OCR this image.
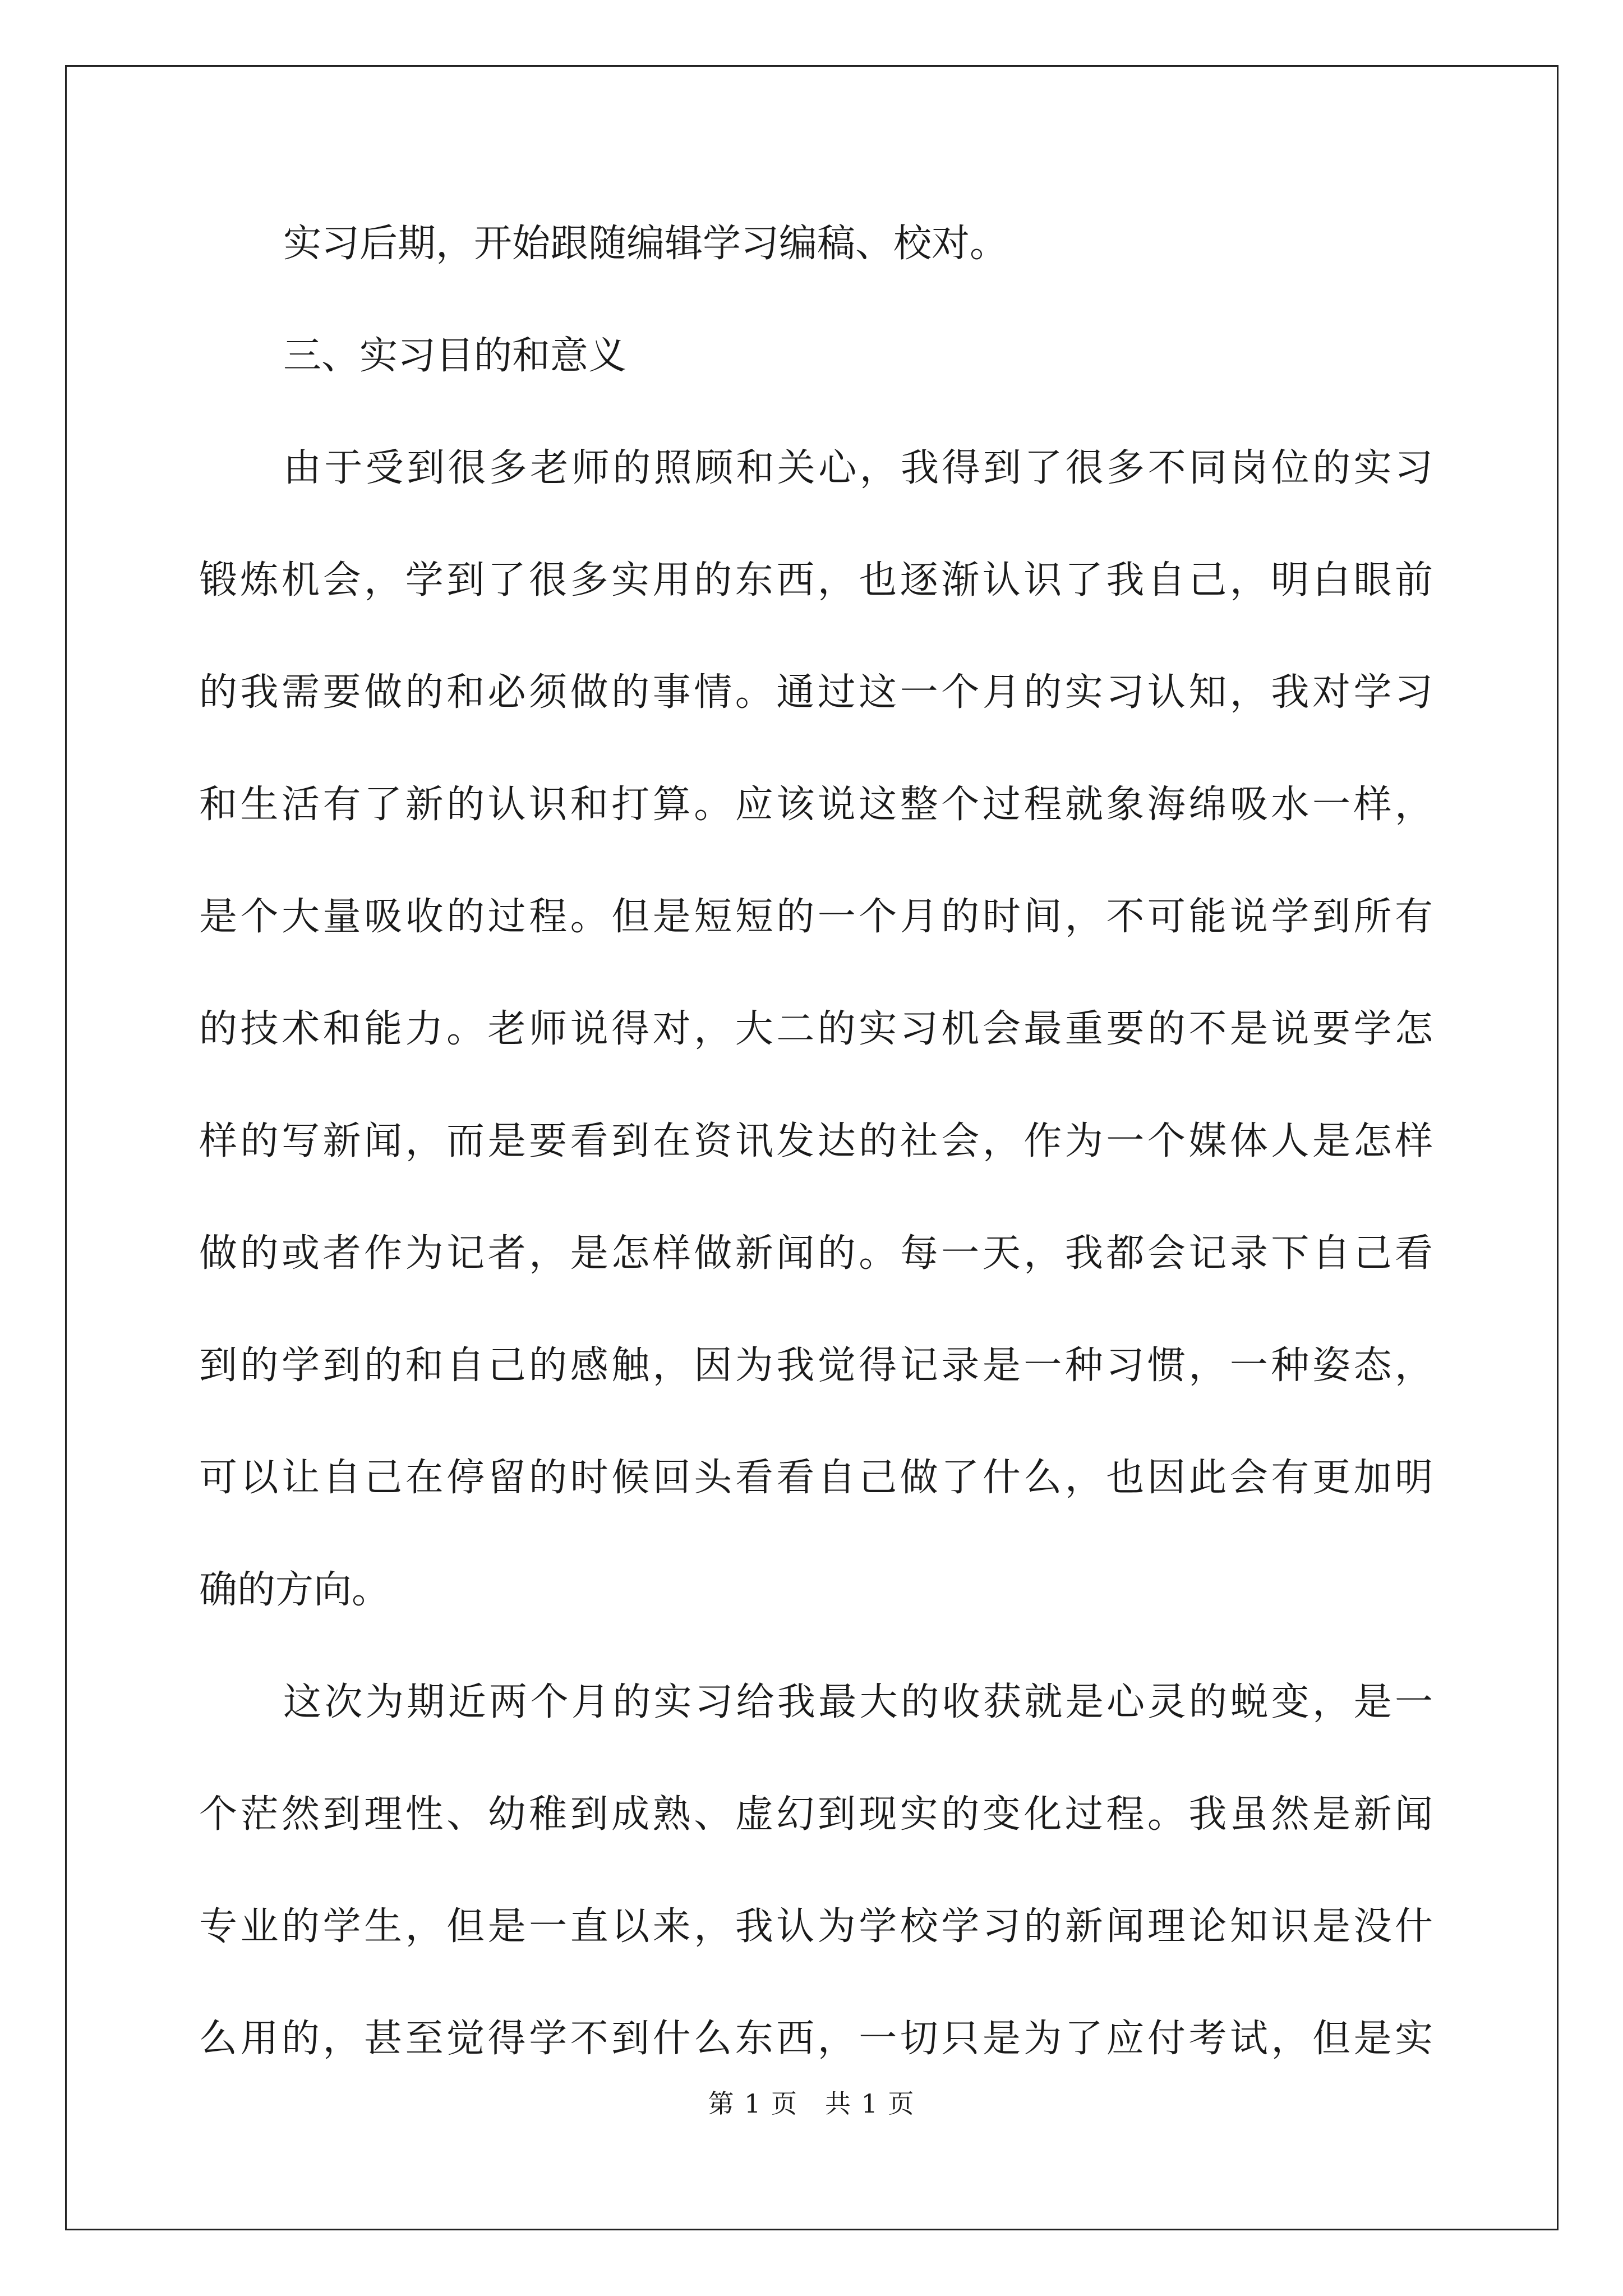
实习后期，开始跟随编辑学习编稿、校对。
三、实习目的和意义
由于受到很多老师的照顾和关心，我得到了很多不同岗位的实习
锻炼机会，学到了很多实用的东西，也逐渐认识了我自己，明白眼前
的我需要做的和必须做的事情。通过这一个月的实习认知，我对学习
和生活有了新的认识和打算。应该说这整个过程就象海绵吸水一样，
是个大量吸收的过程。但是短短的一个月的时间，不可能说学到所有
的技术和能力。老师说得对，大二的实习机会最重要的不是说要学怎
样的写新闻，而是要看到在资讯发达的社会，作为一个媒体人是怎样
做的或者作为记者，是怎样做新闻的。每一天，我都会记录下自己看
到的学到的和自己的感触，因为我觉得记录是一种习惯，一种姿态，
可以让自己在停留的时候回头看看自己做了什么，也因此会有更加明
确的方向。
这次为期近两个月的实习给我最大的收获就是心灵的蜕变，是一
个茫然到理性、幼稚到成熟、虚幻到现实的变化过程。我虽然是新闻
专业的学生，但是一直以来，我认为学校学习的新闻理论知识是没什
么用的，甚至觉得学不到什么东西，一切只是为了应付考试，但是实
第 1 页　共 1 页
